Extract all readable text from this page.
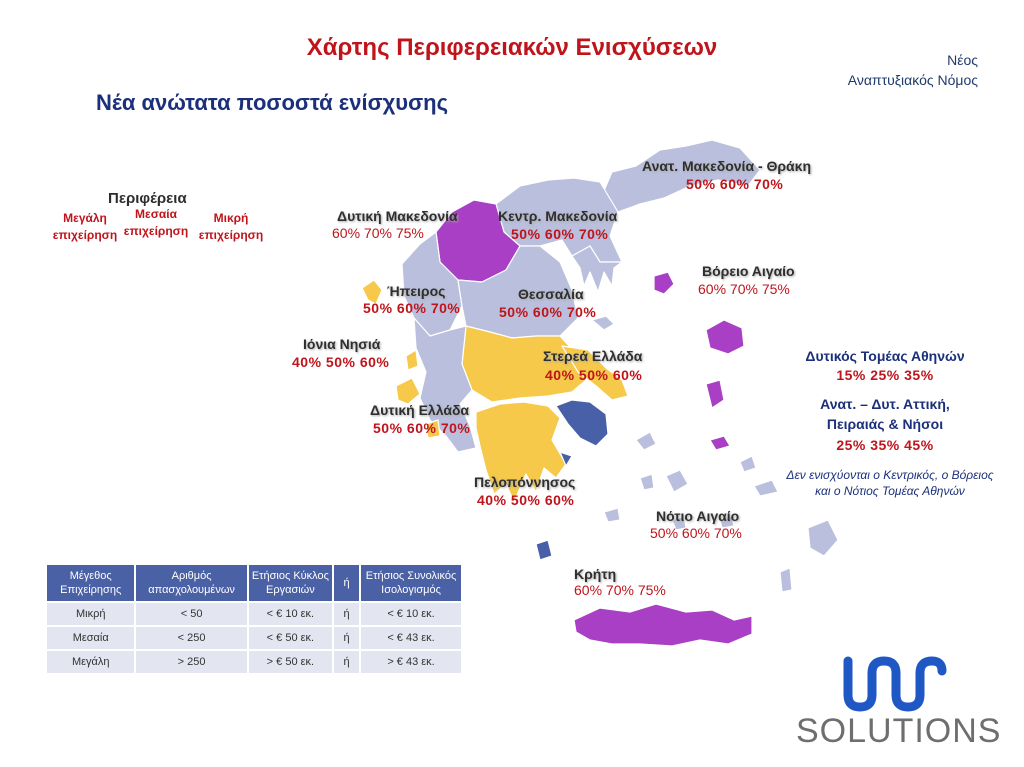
Χάρτης Περιφερειακών Ενισχύσεων	Νέος
Αναπτυξιακός Νόμος
Νέα ανώτατα ποσοστά ενίσχυσης
Περιφέρεια
Μεγάλη
επιχείρηση
Μεσαία
επιχείρηση
Μικρή
επιχείρηση
Ανατ. Μακεδονία - Θράκη
50% 60% 70%
Δυτική Μακεδονία
60% 70% 75%
Κεντρ. Μακεδονία
50% 60% 70%
Βόρειο Αιγαίο
60% 70% 75%
Ήπειρος
50% 60% 70%
Θεσσαλία
50% 60% 70%
Ιόνια Νησιά
40% 50% 60%	Στερεά Ελλάδα
40% 50% 60%
Δυτική Ελλάδα
50% 60% 70%
Πελοπόννησος
40% 50% 60%
Νότιο Αιγαίο
50% 60% 70%
Κρήτη
60% 70% 75%
Δυτικός Τομέας Αθηνών
15% 25% 35%
Ανατ. – Δυτ. Αττική,
Πειραιάς & Νήσοι
25% 35% 45%
Δεν ενισχύονται ο Κεντρικός, ο Βόρειος
και ο Νότιος Τομέας Αθηνών
Μέγεθος Επιχείρησης	Αριθμός απασχολουμένων	Ετήσιος Κύκλος Εργασιών	ή	Ετήσιος Συνολικός Ισολογισμός
Μικρή	< 50	< € 10 εκ.	ή	< € 10 εκ.
Μεσαία	< 250	< € 50 εκ.	ή	< € 43 εκ.
Μεγάλη	> 250	> € 50 εκ.	ή	> € 43 εκ.
SOLUTIONS
